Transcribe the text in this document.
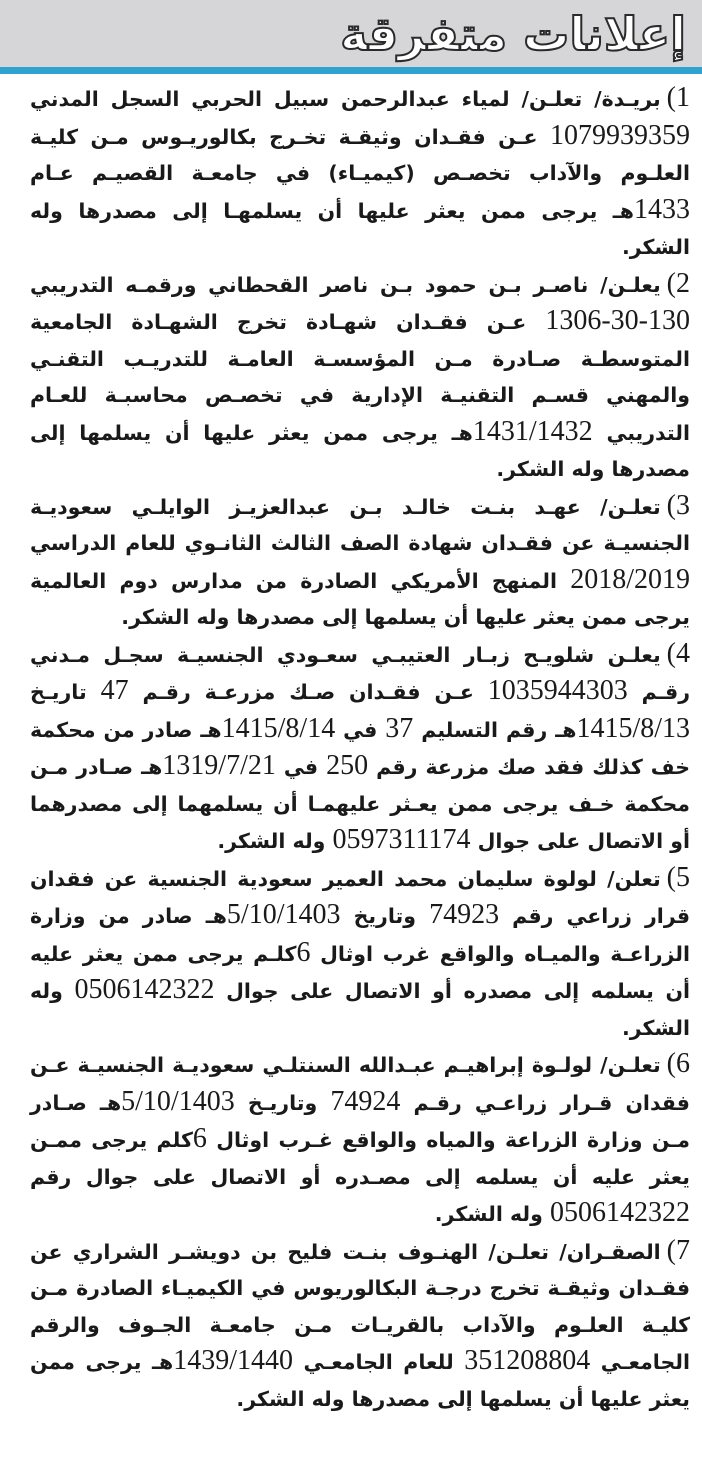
إعلانات متفرقة

1)بريـدة/ تعلـن/ لمياء عبدالرحمن سبيل الحربي السجل المدني 1079939359 عـن فقـدان وثيقـة تخـرج بكالوريـوس مـن كليـة العلـوم والآداب تخصـص (كيميـاء) في جامعـة القصيـم عـام 1433هـ يرجى ممن يعثر عليها أن يسلمهـا إلى مصدرها وله الشكر.

2)يعلـن/ ناصـر بـن حمود بـن ناصر القحطاني ورقمـه التدريبي 1306-30-130 عـن فقـدان شهـادة تخرج الشهـادة الجامعية المتوسطـة صـادرة مـن المؤسسـة العامـة للتدريـب التقنـي والمهني قسـم التقنيـة الإدارية في تخصـص محاسبـة للعـام التدريبي 1431/1432هـ يرجى ممن يعثر عليها أن يسلمها إلى مصدرها وله الشكر.

3)تعلـن/ عهـد بنـت خالـد بـن عبدالعزيـز الوايلـي سعوديـة الجنسيـة عن فقـدان شهادة الصف الثالث الثانـوي للعام الدراسي 2018/2019 المنهج الأمريكي الصادرة من مدارس دوم العالمية يرجى ممن يعثر عليها أن يسلمها إلى مصدرها وله الشكر.

4)يعلـن شلويـح زبـار العتيبـي سعـودي الجنسيـة سجـل مـدني رقـم 1035944303 عـن فقـدان صـك مزرعـة رقـم 47 تاريـخ 1415/8/13هـ رقم التسليم 37 في 1415/8/14هـ صادر من محكمة خف كذلك فقد صك مزرعة رقم 250 في 1319/7/21هـ صـادر مـن محكمة خـف يرجى ممن يعـثر عليهمـا أن يسلمهما إلى مصدرهما أو الاتصال على جوال 0597311174 وله الشكر.

5)تعلن/ لولوة سليمان محمد العمير سعودية الجنسية عن فقدان قرار زراعي رقم 74923 وتاريخ 5/10/1403هـ صادر من وزارة الزراعـة والميـاه والواقع غرب اوثال 6كلـم يرجى ممن يعثر عليه أن يسلمه إلى مصدره أو الاتصال على جوال 0506142322 وله الشكر.

6)تعلـن/ لولـوة إبراهيـم عبـدالله السنتلـي سعوديـة الجنسيـة عـن فقدان قـرار زراعـي رقـم 74924 وتاريـخ 5/10/1403هـ صـادر مـن وزارة الزراعة والمياه والواقع غـرب اوثال 6كلم يرجى ممـن يعثر عليه أن يسلمه إلى مصـدره أو الاتصال على جوال رقم 0506142322 وله الشكر.

7)الصقـران/ تعلـن/ الهنـوف بنـت فليح بن دويشـر الشراري عن فقـدان وثيقـة تخرج درجـة البكالوريوس في الكيميـاء الصادرة مـن كليـة العلـوم والآداب بالقريـات مـن جامعـة الجـوف والرقم الجامعـي 351208804 للعام الجامعـي 1439/1440هـ يرجى ممن يعثر عليها أن يسلمها إلى مصدرها وله الشكر.
